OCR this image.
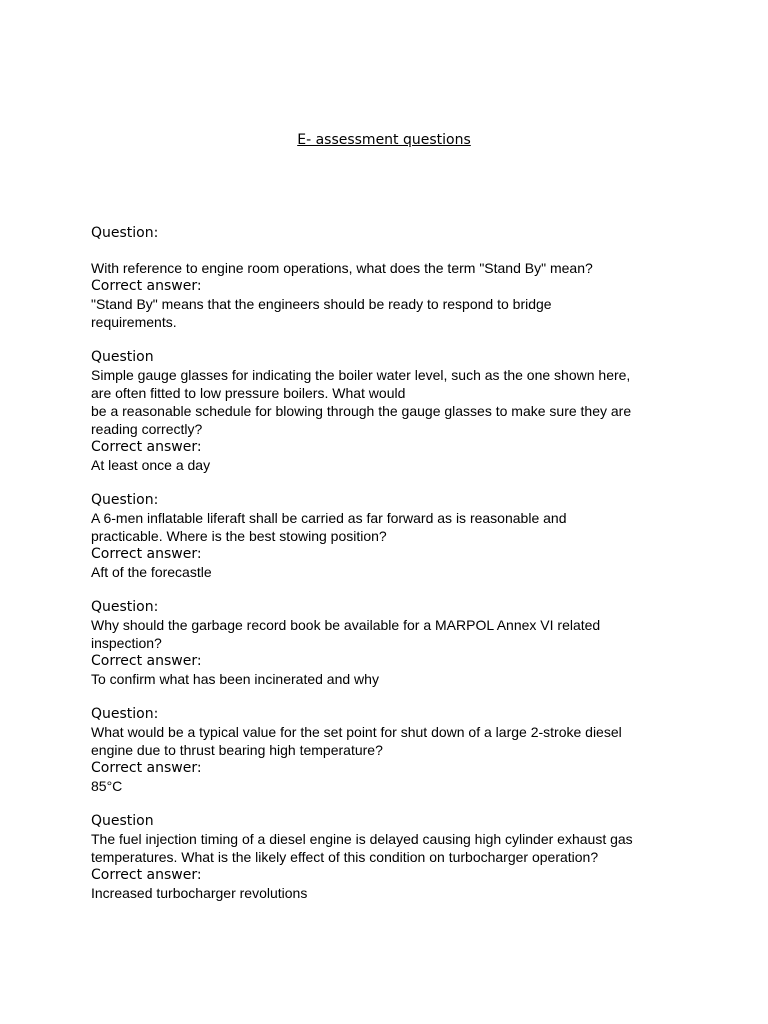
E- assessment questions
Question:
With reference to engine room operations, what does the term "Stand By" mean?
Correct answer:
"Stand By" means that the engineers should be ready to respond to bridge
requirements.
Question
Simple gauge glasses for indicating the boiler water level, such as the one shown here,
are often fitted to low pressure boilers. What would
be a reasonable schedule for blowing through the gauge glasses to make sure they are
reading correctly?
Correct answer:
At least once a day
Question:
A 6-men inflatable liferaft shall be carried as far forward as is reasonable and
practicable. Where is the best stowing position?
Correct answer:
Aft of the forecastle
Question:
Why should the garbage record book be available for a MARPOL Annex VI related
inspection?
Correct answer:
To confirm what has been incinerated and why
Question:
What would be a typical value for the set point for shut down of a large 2-stroke diesel
engine due to thrust bearing high temperature?
Correct answer:
85°C
Question
The fuel injection timing of a diesel engine is delayed causing high cylinder exhaust gas
temperatures. What is the likely effect of this condition on turbocharger operation?
Correct answer:
Increased turbocharger revolutions
